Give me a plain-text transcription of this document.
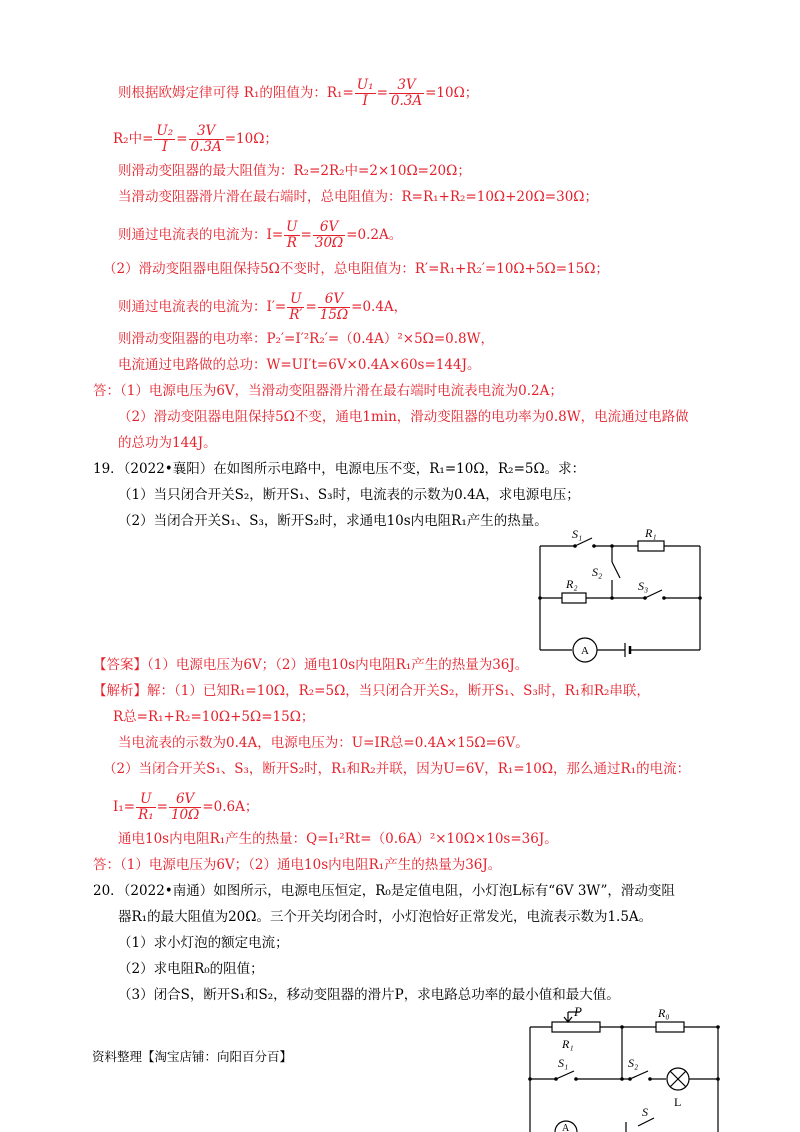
则根据欧姆定律可得 R₁的阻值为：$R_1= \frac{\text{U₁}}{I} = \frac{3V}{0.3A} =10\Omega$；
R₂中= $\frac{\text{U₂}}{I} = \frac{3V}{0.3A} =10\Omega$；
则滑动变阻器的最大阻值为：R₂=2R₂中=2×10Ω=20Ω；
当滑动变阻器滑片滑在最右端时，总电阻值为：R=R₁+R₂=10Ω+20Ω=30Ω；
则通过电流表的电流为：$I= \frac{U}{R} = \frac{6V}{30\Omega} =0.2A$。
（2）滑动变阻器电阻保持5Ω不变时，总电阻值为：R′=R₁+R₂′=10Ω+5Ω=15Ω；
则通过电流表的电流为：$I'= \frac{U}{R'} = \frac{6V}{15\Omega} =0.4A$，
则滑动变阻器的电功率：P₂′=I′²R₂′=（0.4A）²×5Ω=0.8W，
电流通过电路做的总功：W=UI′t=6V×0.4A×60s=144J。
答：（1）电源电压为6V，当滑动变阻器滑片滑在最右端时电流表电流为0.2A；
（2）滑动变阻器电阻保持5Ω不变，通电1min，滑动变阻器的电功率为0.8W，电流通过电路做
的总功为144J。
19．（2022•襄阳）在如图所示电路中，电源电压不变，R₁=10Ω，R₂=5Ω。求：
（1）当只闭合开关S₂，断开S₁、S₃时，电流表的示数为0.4A，求电源电压；
（2）当闭合开关S₁、S₃，断开S₂时，求通电10s内电阻R₁产生的热量。
S₁	R₁
S₂
R₂	S₃
A
【答案】（1）电源电压为6V；（2）通电10s内电阻R₁产生的热量为36J。
【解析】解：（1）已知R₁=10Ω，R₂=5Ω，当只闭合开关S₂，断开S₁、S₃时，R₁和R₂串联，
R总=R₁+R₂=10Ω+5Ω=15Ω；
当电流表的示数为0.4A，电源电压为：U=IR总=0.4A×15Ω=6V。
（2）当闭合开关S₁、S₃，断开S₂时，R₁和R₂并联，因为U=6V，R₁=10Ω，那么通过R₁的电流：
$I_1= \frac{U}{\text{R₁}} = \frac{6V}{10\Omega} =0.6A$；
通电10s内电阻R₁产生的热量：Q=I₁²Rt=（0.6A）²×10Ω×10s=36J。
答：（1）电源电压为6V；（2）通电10s内电阻R₁产生的热量为36J。
20．（2022•南通）如图所示，电源电压恒定，R₀是定值电阻，小灯泡L标有“6V 3W”，滑动变阻
器R₁的最大阻值为20Ω。三个开关均闭合时，小灯泡恰好正常发光，电流表示数为1.5A。
（1）求小灯泡的额定电流；
（2）求电阻R₀的阻值；
（3）闭合S，断开S₁和S₂，移动变阻器的滑片P，求电路总功率的最小值和最大值。
P	R₀
R₁
S₁	S₂
L
S
A
资料整理【淘宝店铺：向阳百分百】
